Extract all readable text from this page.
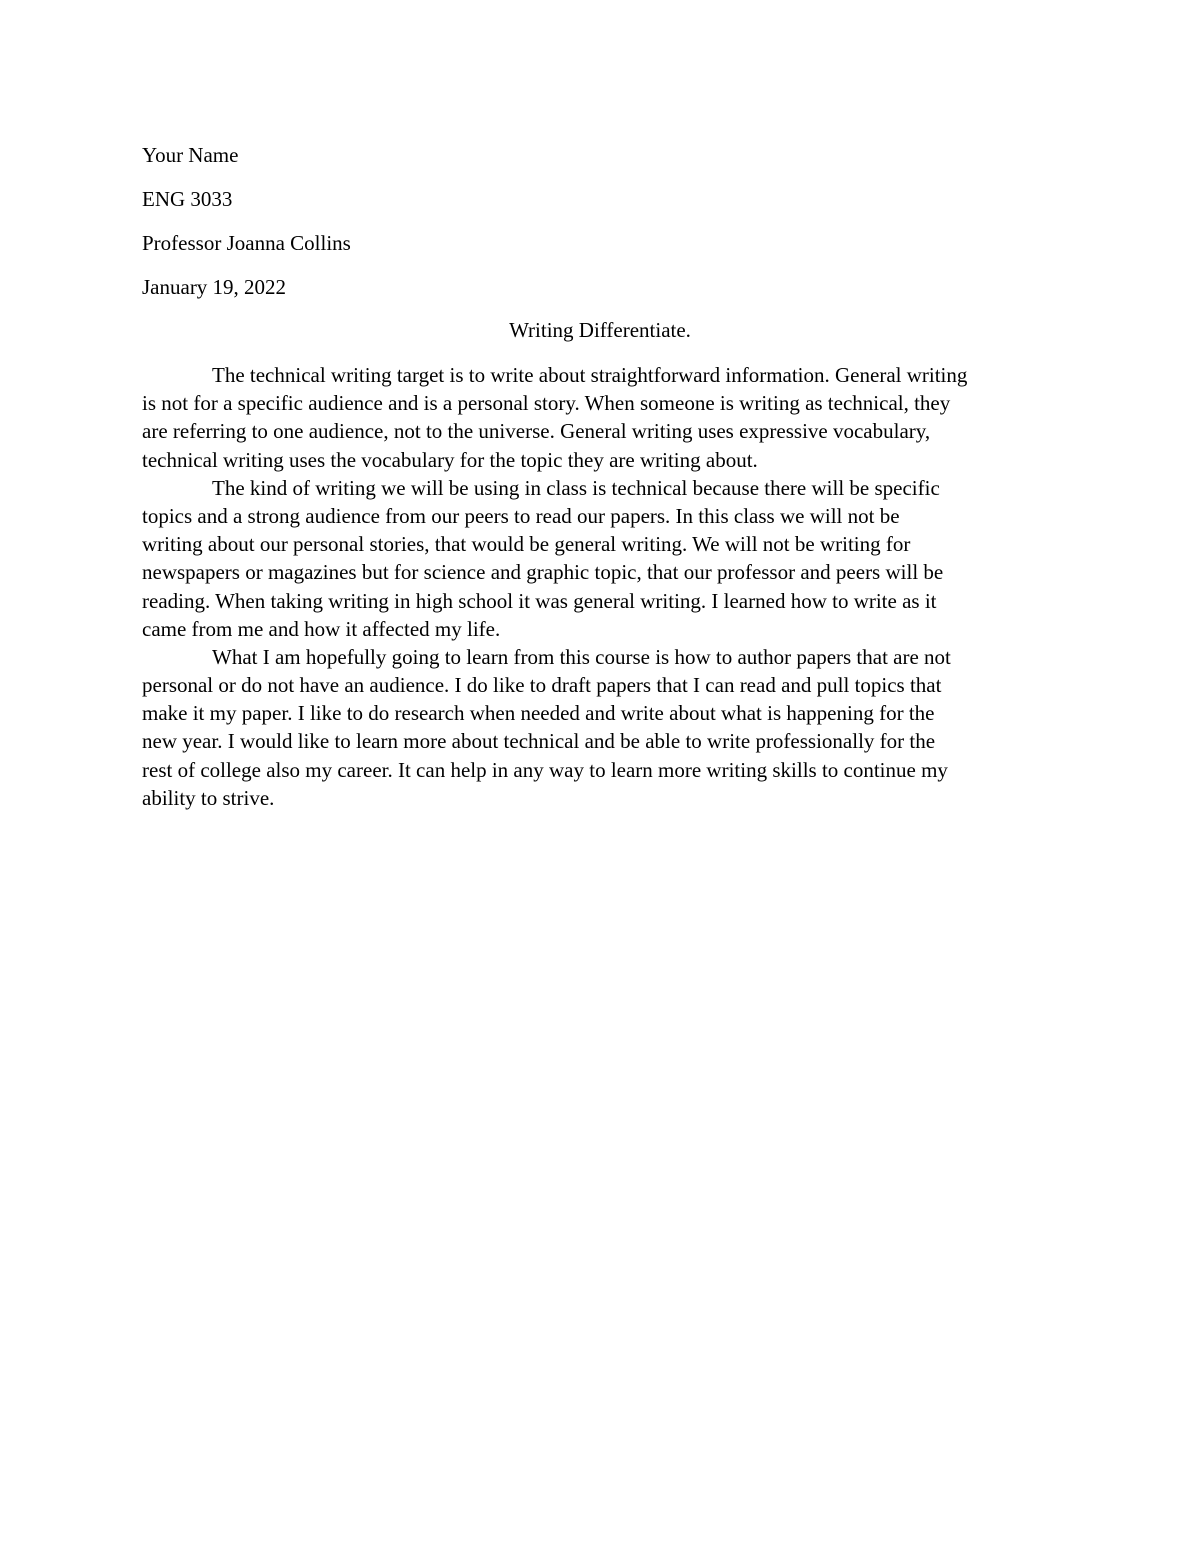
Your Name
ENG 3033
Professor Joanna Collins
January 19, 2022
Writing Differentiate.
The technical writing target is to write about straightforward information. General writing
is not for a specific audience and is a personal story. When someone is writing as technical, they
are referring to one audience, not to the universe. General writing uses expressive vocabulary,
technical writing uses the vocabulary for the topic they are writing about.
The kind of writing we will be using in class is technical because there will be specific
topics and a strong audience from our peers to read our papers. In this class we will not be
writing about our personal stories, that would be general writing. We will not be writing for
newspapers or magazines but for science and graphic topic, that our professor and peers will be
reading. When taking writing in high school it was general writing. I learned how to write as it
came from me and how it affected my life.
What I am hopefully going to learn from this course is how to author papers that are not
personal or do not have an audience. I do like to draft papers that I can read and pull topics that
make it my paper. I like to do research when needed and write about what is happening for the
new year. I would like to learn more about technical and be able to write professionally for the
rest of college also my career. It can help in any way to learn more writing skills to continue my
ability to strive.
